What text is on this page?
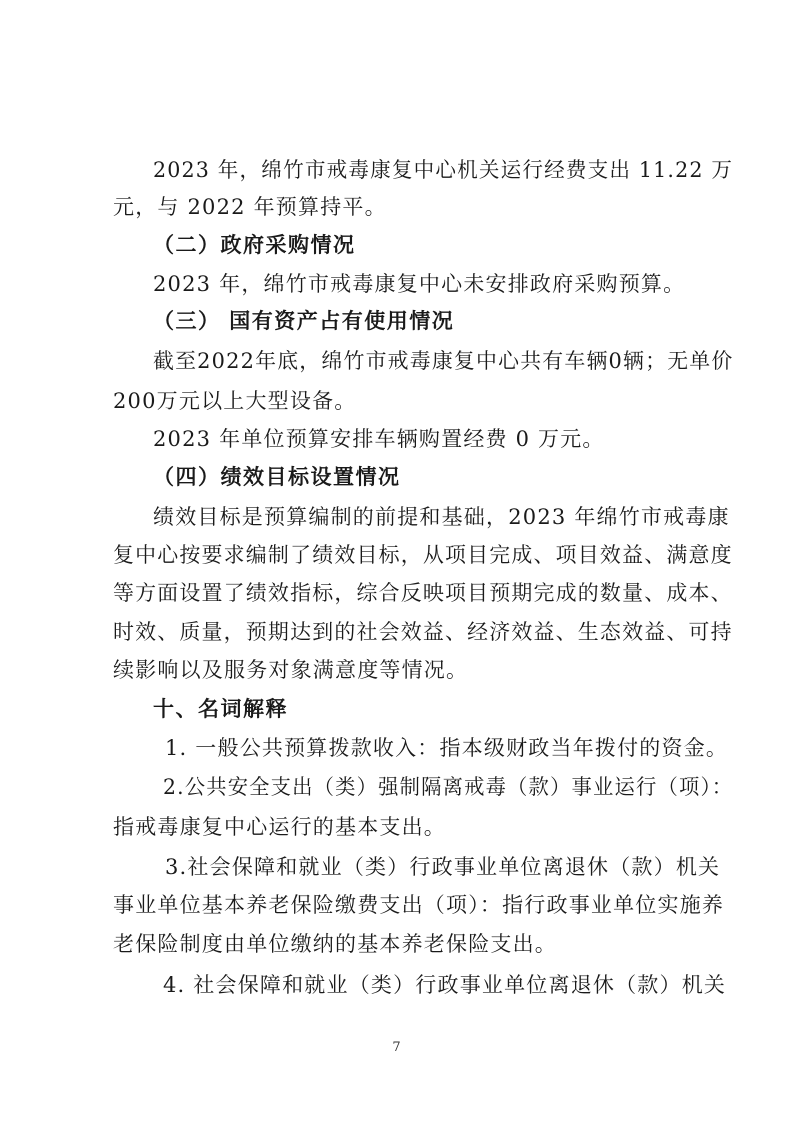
2023 年，绵竹市戒毒康复中心机关运行经费支出 11.22 万
元，与 2022 年预算持平。
（二）政府采购情况
2023 年，绵竹市戒毒康复中心未安排政府采购预算。
（三） 国有资产占有使用情况
截至2022年底，绵竹市戒毒康复中心共有车辆0辆；无单价
200万元以上大型设备。
2023 年单位预算安排车辆购置经费 0 万元。
（四）绩效目标设置情况
绩效目标是预算编制的前提和基础，2023 年绵竹市戒毒康
复中心按要求编制了绩效目标，从项目完成、项目效益、满意度
等方面设置了绩效指标，综合反映项目预期完成的数量、成本、
时效、质量，预期达到的社会效益、经济效益、生态效益、可持
续影响以及服务对象满意度等情况。
十、名词解释
1. 一般公共预算拨款收入：指本级财政当年拨付的资金。
2.公共安全支出（类）强制隔离戒毒（款）事业运行（项）：
指戒毒康复中心运行的基本支出。
3.社会保障和就业（类）行政事业单位离退休（款）机关
事业单位基本养老保险缴费支出（项）：指行政事业单位实施养
老保险制度由单位缴纳的基本养老保险支出。
4. 社会保障和就业（类）行政事业单位离退休（款）机关
7
